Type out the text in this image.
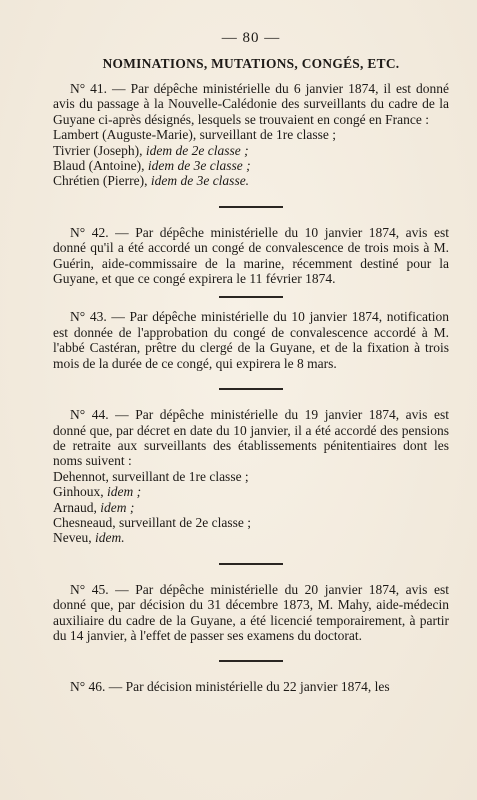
— 80 —
NOMINATIONS, MUTATIONS, CONGÉS, ETC.

N° 41. — Par dépêche ministérielle du 6 janvier 1874, il est donné avis du passage à la Nouvelle-Calédonie des surveillants du cadre de la Guyane ci-après désignés, lesquels se trouvaient en congé en France :

Lambert (Auguste-Marie), surveillant de 1re classe ;
Tivrier (Joseph), idem de 2e classe ;
Blaud (Antoine), idem de 3e classe ;
Chrétien (Pierre), idem de 3e classe.

N° 42. — Par dépêche ministérielle du 10 janvier 1874, avis est donné qu'il a été accordé un congé de convalescence de trois mois à M. Guérin, aide-commissaire de la marine, récemment destiné pour la Guyane, et que ce congé expirera le 11 février 1874.

N° 43. — Par dépêche ministérielle du 10 janvier 1874, notification est donnée de l'approbation du congé de convalescence accordé à M. l'abbé Castéran, prêtre du clergé de la Guyane, et de la fixation à trois mois de la durée de ce congé, qui expirera le 8 mars.

N° 44. — Par dépêche ministérielle du 19 janvier 1874, avis est donné que, par décret en date du 10 janvier, il a été accordé des pensions de retraite aux surveillants des établissements pénitentiaires dont les noms suivent :

Dehennot, surveillant de 1re classe ;
Ginhoux, idem ;
Arnaud, idem ;
Chesneaud, surveillant de 2e classe ;
Neveu, idem.

N° 45. — Par dépêche ministérielle du 20 janvier 1874, avis est donné que, par décision du 31 décembre 1873, M. Mahy, aide-médecin auxiliaire du cadre de la Guyane, a été licencié temporairement, à partir du 14 janvier, à l'effet de passer ses examens du doctorat.

N° 46. — Par décision ministérielle du 22 janvier 1874, les
